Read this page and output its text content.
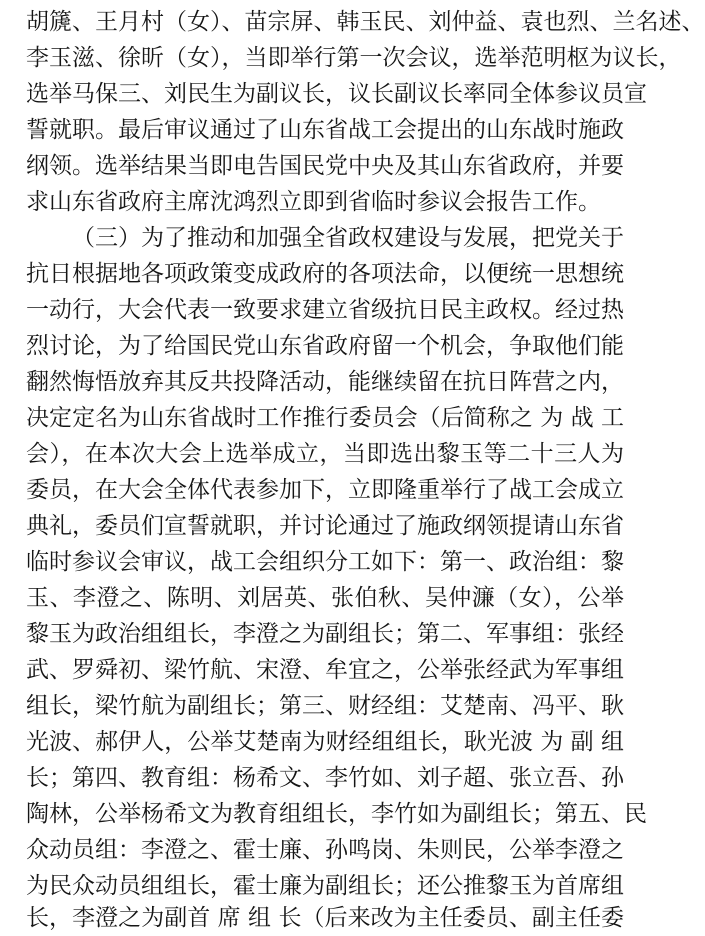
胡篪、王月村（女）、苗宗屏、韩玉民、刘仲益、袁也烈、兰名述、
李玉滋、徐昕（女），当即举行第一次会议，选举范明枢为议长，
选举马保三、刘民生为副议长，议长副议长率同全体参议员宣
誓就职。最后审议通过了山东省战工会提出的山东战时施政
纲领。选举结果当即电告国民党中央及其山东省政府，并要
求山东省政府主席沈鸿烈立即到省临时参议会报告工作。
（三）为了推动和加强全省政权建设与发展，把党关于
抗日根据地各项政策变成政府的各项法命，以便统一思想统
一动行，大会代表一致要求建立省级抗日民主政权。经过热
烈讨论，为了给国民党山东省政府留一个机会，争取他们能
翻然悔悟放弃其反共投降活动，能继续留在抗日阵营之内，
决定定名为山东省战时工作推行委员会（后简称之 为 战 工
会），在本次大会上选举成立，当即选出黎玉等二十三人为
委员，在大会全体代表参加下，立即隆重举行了战工会成立
典礼，委员们宣誓就职，并讨论通过了施政纲领提请山东省
临时参议会审议，战工会组织分工如下：第一、政治组：黎
玉、李澄之、陈明、刘居英、张伯秋、吴仲濂（女），公举
黎玉为政治组组长，李澄之为副组长；第二、军事组：张经
武、罗舜初、梁竹航、宋澄、牟宜之，公举张经武为军事组
组长，梁竹航为副组长；第三、财经组：艾楚南、冯平、耿
光波、郝伊人，公举艾楚南为财经组组长，耿光波 为 副 组
长；第四、教育组：杨希文、李竹如、刘子超、张立吾、孙
陶林，公举杨希文为教育组组长，李竹如为副组长；第五、民
众动员组：李澄之、霍士廉、孙鸣岗、朱则民，公举李澄之
为民众动员组组长，霍士廉为副组长；还公推黎玉为首席组
长，李澄之为副首 席 组 长（后来改为主任委员、副主任委
